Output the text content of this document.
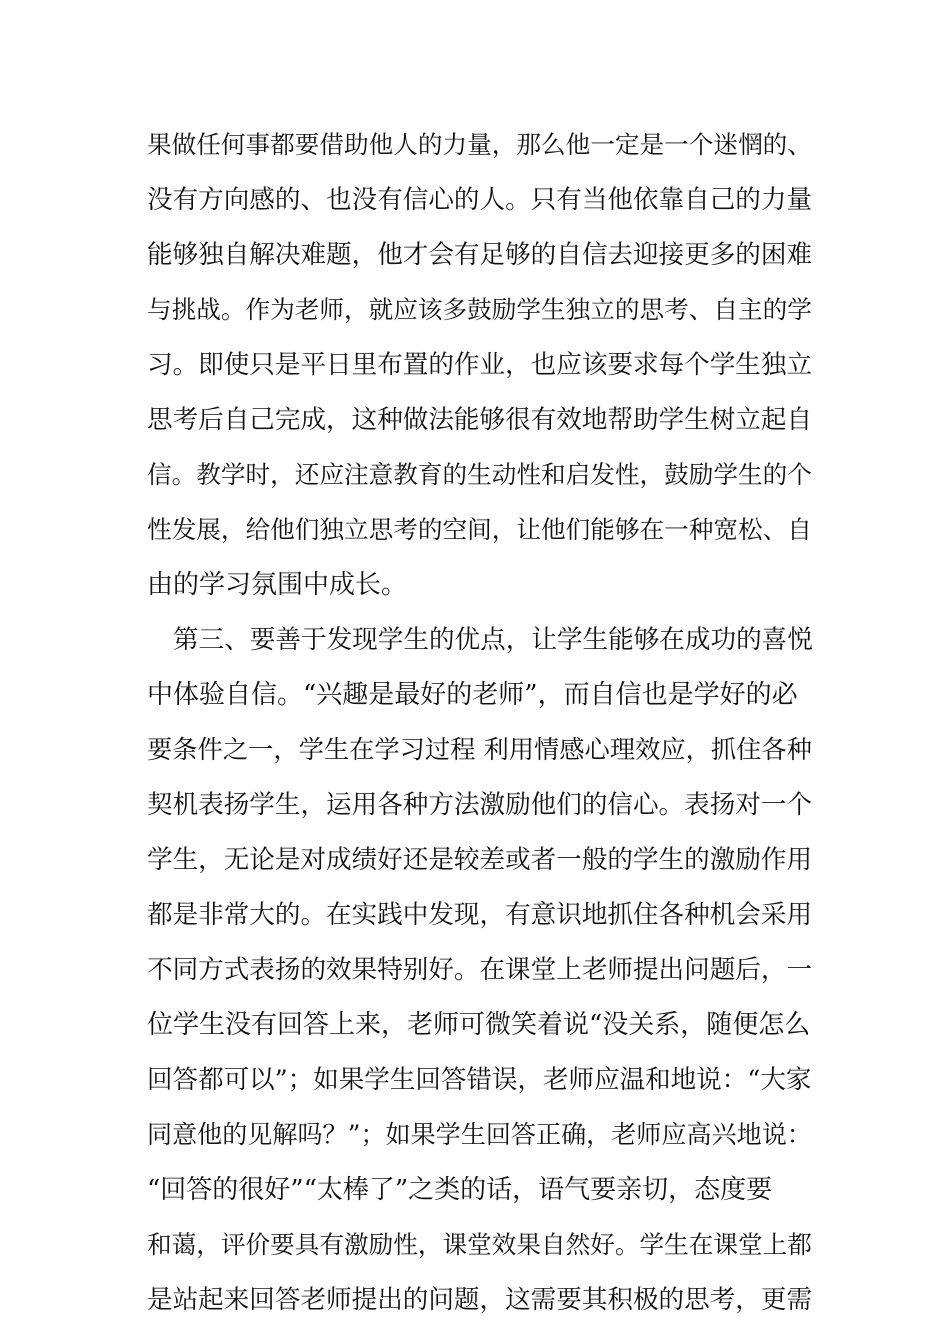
果做任何事都要借助他人的力量，那么他一定是一个迷惘的、
没有方向感的、也没有信心的人。只有当他依靠自己的力量
能够独自解决难题，他才会有足够的自信去迎接更多的困难
与挑战。作为老师，就应该多鼓励学生独立的思考、自主的学
习。即使只是平日里布置的作业，也应该要求每个学生独立
思考后自己完成，这种做法能够很有效地帮助学生树立起自
信。教学时，还应注意教育的生动性和启发性，鼓励学生的个
性发展，给他们独立思考的空间，让他们能够在一种宽松、自
由的学习氛围中成长。
第三、要善于发现学生的优点，让学生能够在成功的喜悦
中体验自信。“兴趣是最好的老师”，而自信也是学好的必
要条件之一，学生在学习过程 利用情感心理效应，抓住各种
契机表扬学生，运用各种方法激励他们的信心。表扬对一个
学生，无论是对成绩好还是较差或者一般的学生的激励作用
都是非常大的。在实践中发现，有意识地抓住各种机会采用
不同方式表扬的效果特别好。在课堂上老师提出问题后，一
位学生没有回答上来，老师可微笑着说“没关系，随便怎么
回答都可以”；如果学生回答错误，老师应温和地说：“大家
同意他的见解吗？”；如果学生回答正确，老师应高兴地说：
“回答的很好”“太棒了”之类的话，语气要亲切，态度要
和蔼，评价要具有激励性，课堂效果自然好。学生在课堂上都
是站起来回答老师提出的问题，这需要其积极的思考，更需
